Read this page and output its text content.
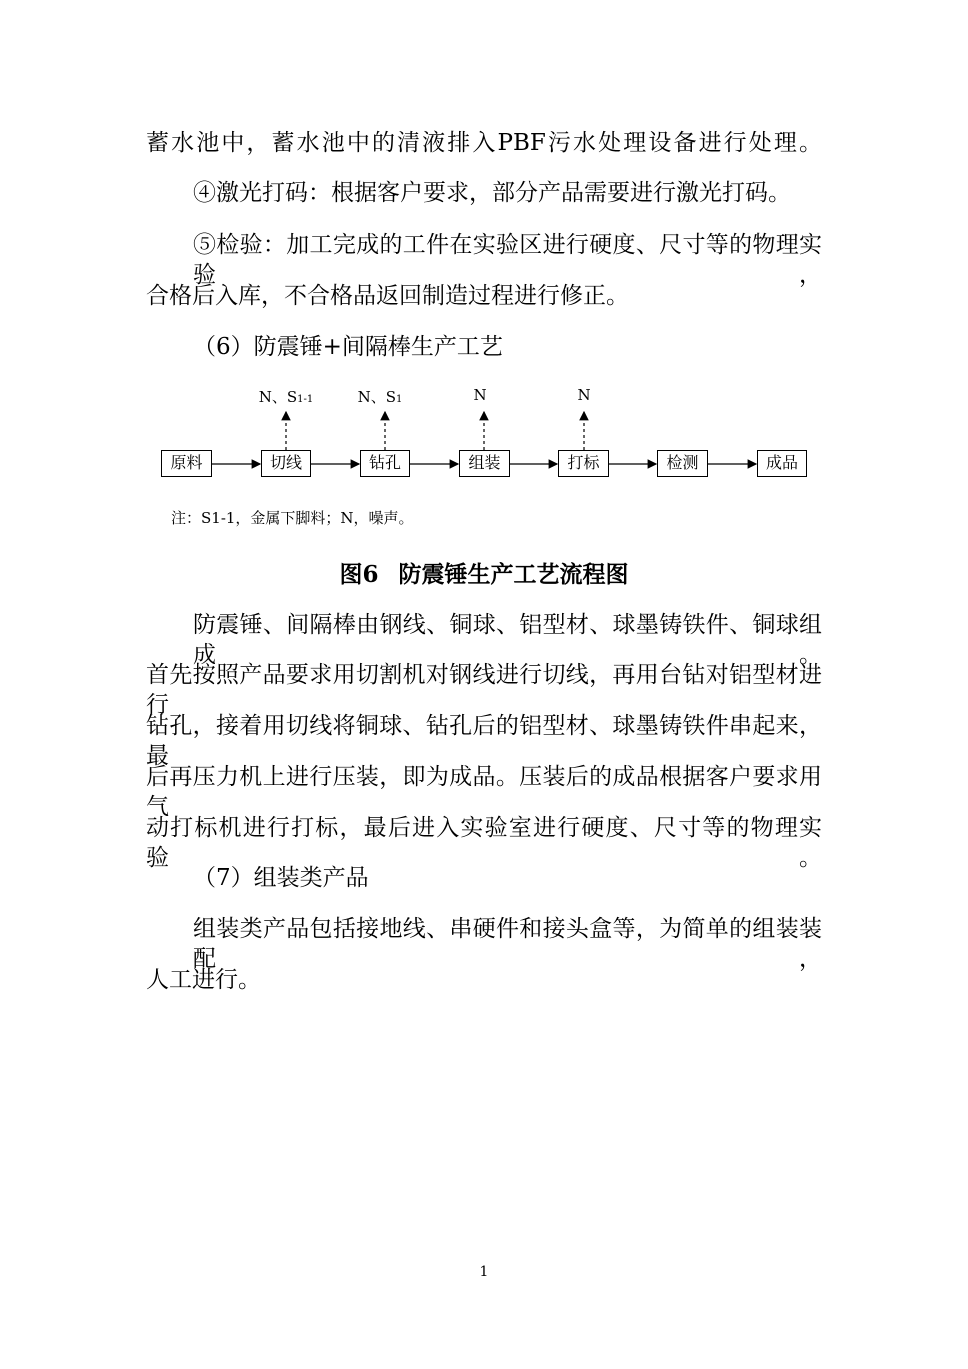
蓄水池中，蓄水池中的清液排入PBF污水处理设备进行处理。
④激光打码：根据客户要求，部分产品需要进行激光打码。
⑤检验：加工完成的工件在实验区进行硬度、尺寸等的物理实验，
合格后入库，不合格品返回制造过程进行修正。
（6）防震锤+间隔棒生产工艺
原料	切线	钻孔	组装	打标	检测	成品
N、S1-1	N、S1	N	N
注：S1-1，金属下脚料；N，噪声。
图6 防震锤生产工艺流程图
防震锤、间隔棒由钢线、铜球、铝型材、球墨铸铁件、铜球组成。
首先按照产品要求用切割机对钢线进行切线，再用台钻对铝型材进行
钻孔，接着用切线将铜球、钻孔后的铝型材、球墨铸铁件串起来，最
后再压力机上进行压装，即为成品。压装后的成品根据客户要求用气
动打标机进行打标，最后进入实验室进行硬度、尺寸等的物理实验。
（7）组装类产品
组装类产品包括接地线、串硬件和接头盒等，为简单的组装装配，
人工进行。
1
